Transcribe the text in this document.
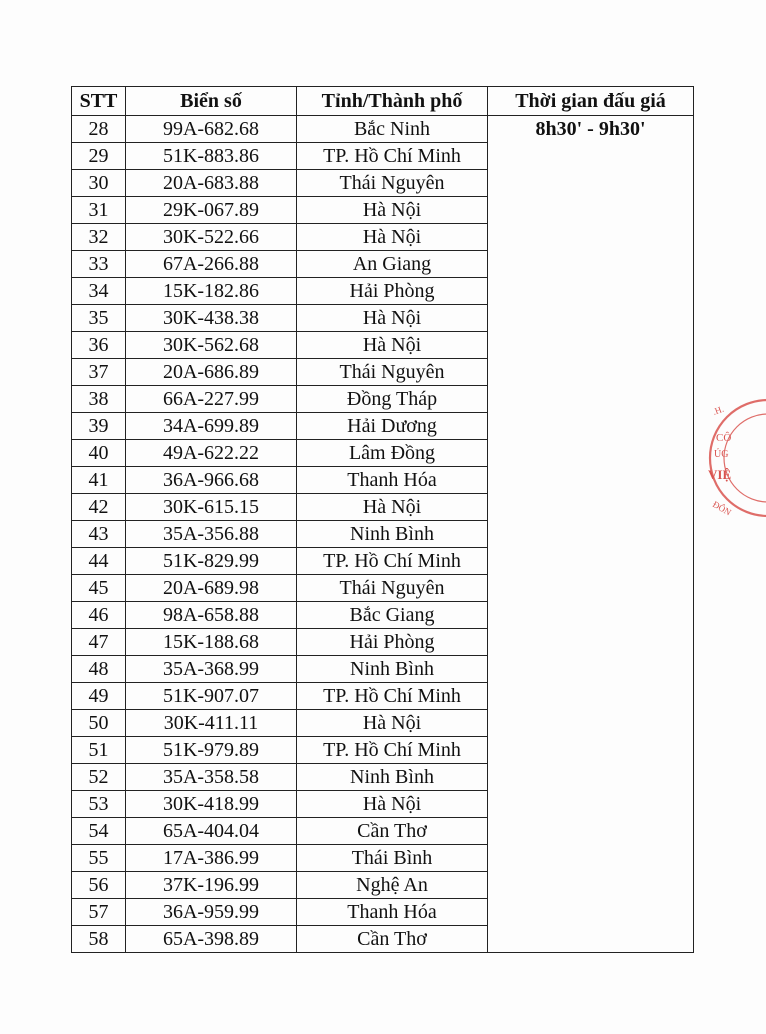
STT	Biển số	Tỉnh/Thành phố	Thời gian đấu giá
28	99A-682.68	Bắc Ninh	8h30' - 9h30'
29	51K-883.86	TP. Hồ Chí Minh	
30	20A-683.88	Thái Nguyên	
31	29K-067.89	Hà Nội	
32	30K-522.66	Hà Nội	
33	67A-266.88	An Giang	
34	15K-182.86	Hải Phòng	
35	30K-438.38	Hà Nội	
36	30K-562.68	Hà Nội	
37	20A-686.89	Thái Nguyên	
38	66A-227.99	Đồng Tháp	
39	34A-699.89	Hải Dương	
40	49A-622.22	Lâm Đồng	
41	36A-966.68	Thanh Hóa	
42	30K-615.15	Hà Nội	
43	35A-356.88	Ninh Bình	
44	51K-829.99	TP. Hồ Chí Minh	
45	20A-689.98	Thái Nguyên	
46	98A-658.88	Bắc Giang	
47	15K-188.68	Hải Phòng	
48	35A-368.99	Ninh Bình	
49	51K-907.07	TP. Hồ Chí Minh	
50	30K-411.11	Hà Nội	
51	51K-979.89	TP. Hồ Chí Minh	
52	35A-358.58	Ninh Bình	
53	30K-418.99	Hà Nội	
54	65A-404.04	Cần Thơ	
55	17A-386.99	Thái Bình	
56	37K-196.99	Nghệ An	
57	36A-959.99	Thanh Hóa	
58	65A-398.89	Cần Thơ	
.H.
CÔ
ỦG
VIỆ
ĐÔN
